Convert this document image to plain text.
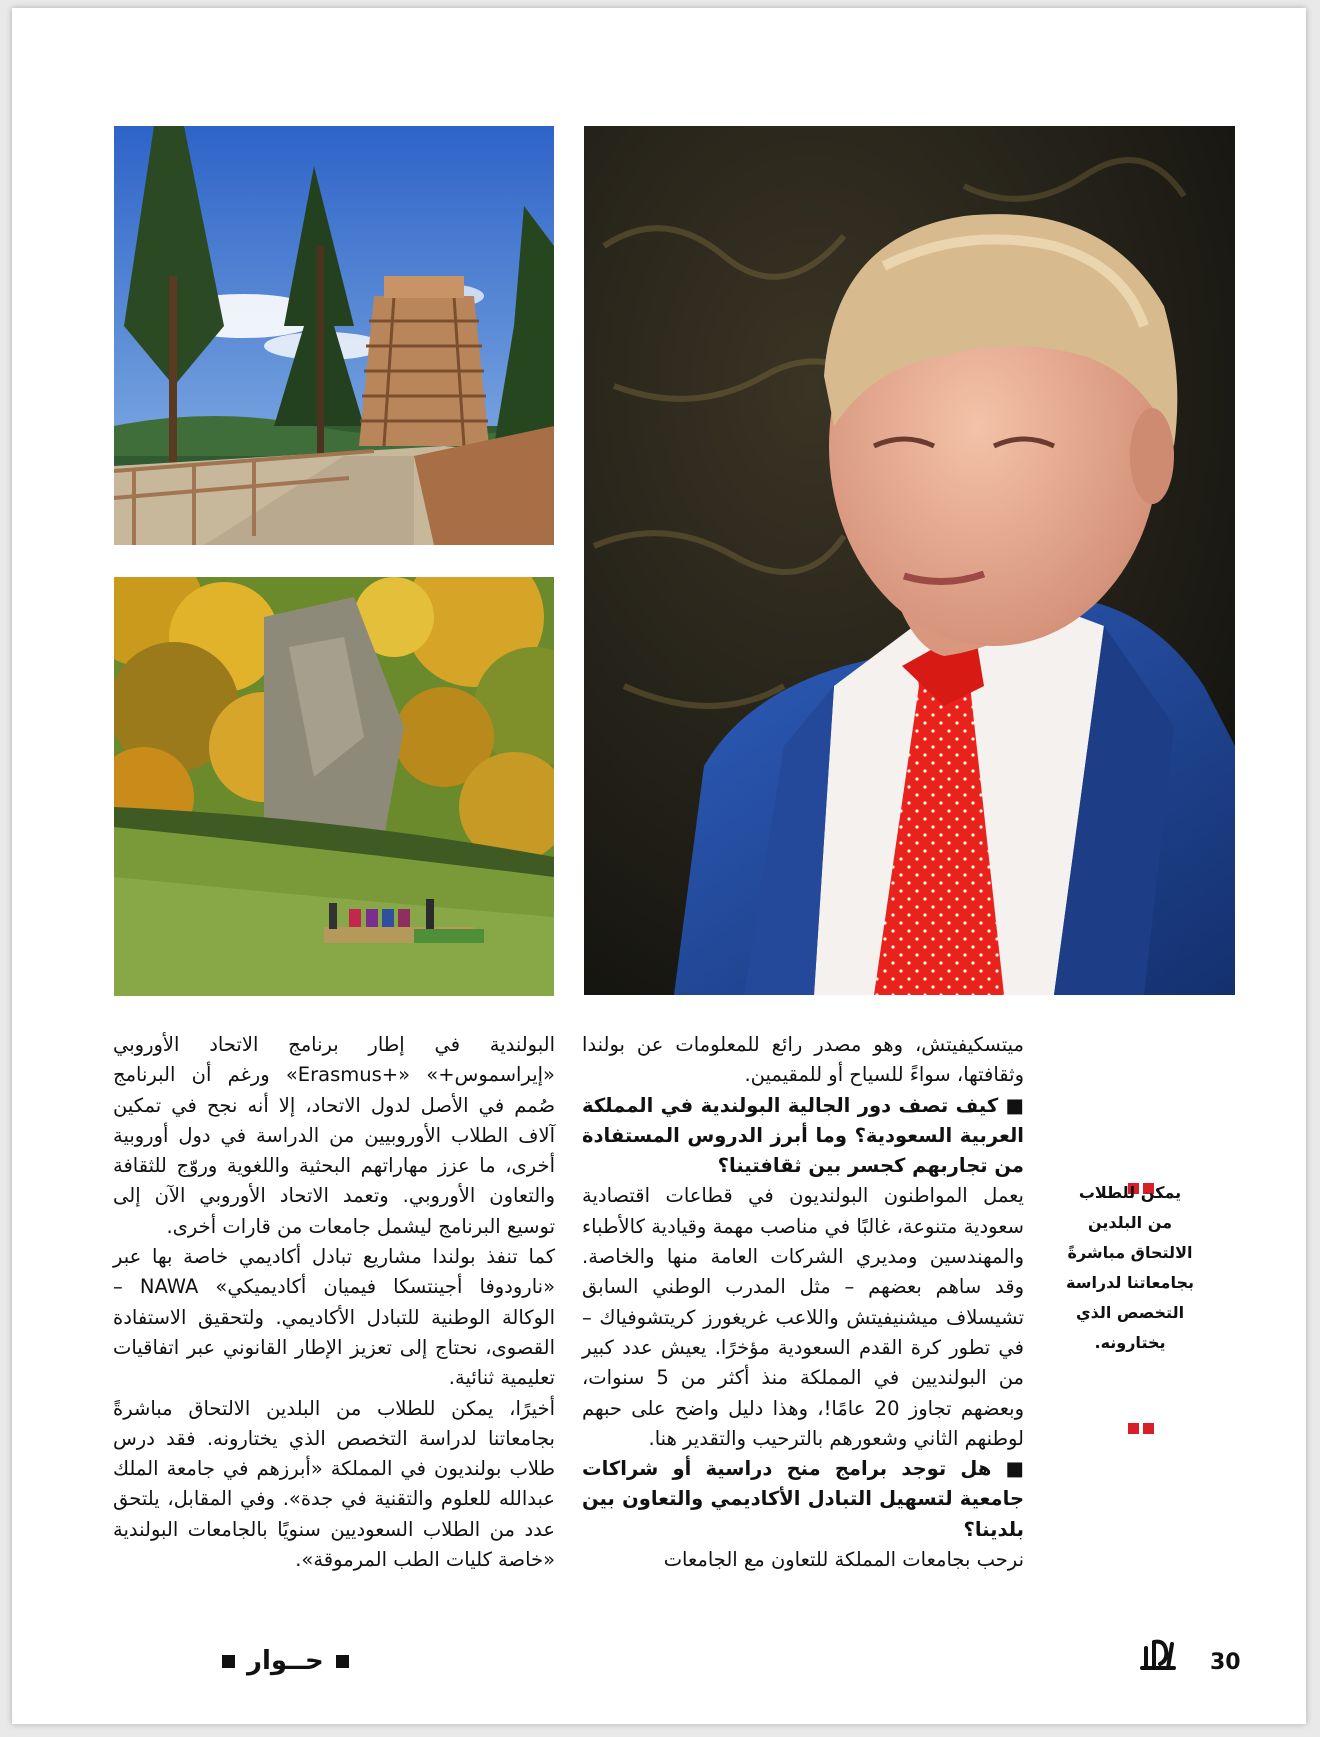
ميتسكيفيتش، وهو مصدر رائع للمعلومات عن بولندا وثقافتها، سواءً للسياح أو للمقيمين.

■ كيف تصف دور الجالية البولندية في المملكة العربية السعودية؟ وما أبرز الدروس المستفادة من تجاربهم كجسر بين ثقافتينا؟

يعمل المواطنون البولنديون في قطاعات اقتصادية سعودية متنوعة، غالبًا في مناصب مهمة وقيادية كالأطباء والمهندسين ومديري الشركات العامة منها والخاصة. وقد ساهم بعضهم – مثل المدرب الوطني السابق تشيسلاف ميشنيفيتش واللاعب غريغورز كريتشوفياك – في تطور كرة القدم السعودية مؤخرًا. يعيش عدد كبير من البولنديين في المملكة منذ أكثر من 5 سنوات، وبعضهم تجاوز 20 عامًا!، وهذا دليل واضح على حبهم لوطنهم الثاني وشعورهم بالترحيب والتقدير هنا.

■ هل توجد برامج منح دراسية أو شراكات جامعية لتسهيل التبادل الأكاديمي والتعاون بين بلدينا؟

نرحب بجامعات المملكة للتعاون مع الجامعات

البولندية في إطار برنامج الاتحاد الأوروبي «إيراسموس+» «+Erasmus» ورغم أن البرنامج صُمم في الأصل لدول الاتحاد، إلا أنه نجح في تمكين آلاف الطلاب الأوروبيين من الدراسة في دول أوروبية أخرى، ما عزز مهاراتهم البحثية واللغوية وروّج للثقافة والتعاون الأوروبي. وتعمد الاتحاد الأوروبي الآن إلى توسيع البرنامج ليشمل جامعات من قارات أخرى.

كما تنفذ بولندا مشاريع تبادل أكاديمي خاصة بها عبر «نارودوفا أجينتسكا فيميان أكاديميكي» NAWA – الوكالة الوطنية للتبادل الأكاديمي. ولتحقيق الاستفادة القصوى، نحتاج إلى تعزيز الإطار القانوني عبر اتفاقيات تعليمية ثنائية.

أخيرًا، يمكن للطلاب من البلدين الالتحاق مباشرةً بجامعاتنا لدراسة التخصص الذي يختارونه. فقد درس طلاب بولنديون في المملكة «أبرزهم في جامعة الملك عبدالله للعلوم والتقنية في جدة». وفي المقابل، يلتحق عدد من الطلاب السعوديين سنويًا بالجامعات البولندية «خاصة كليات الطب المرموقة».

يمكن للطلاب من البلدين الالتحاق مباشرةً بجامعاتنا لدراسة التخصص الذي يختارونه.
30
حــوار
